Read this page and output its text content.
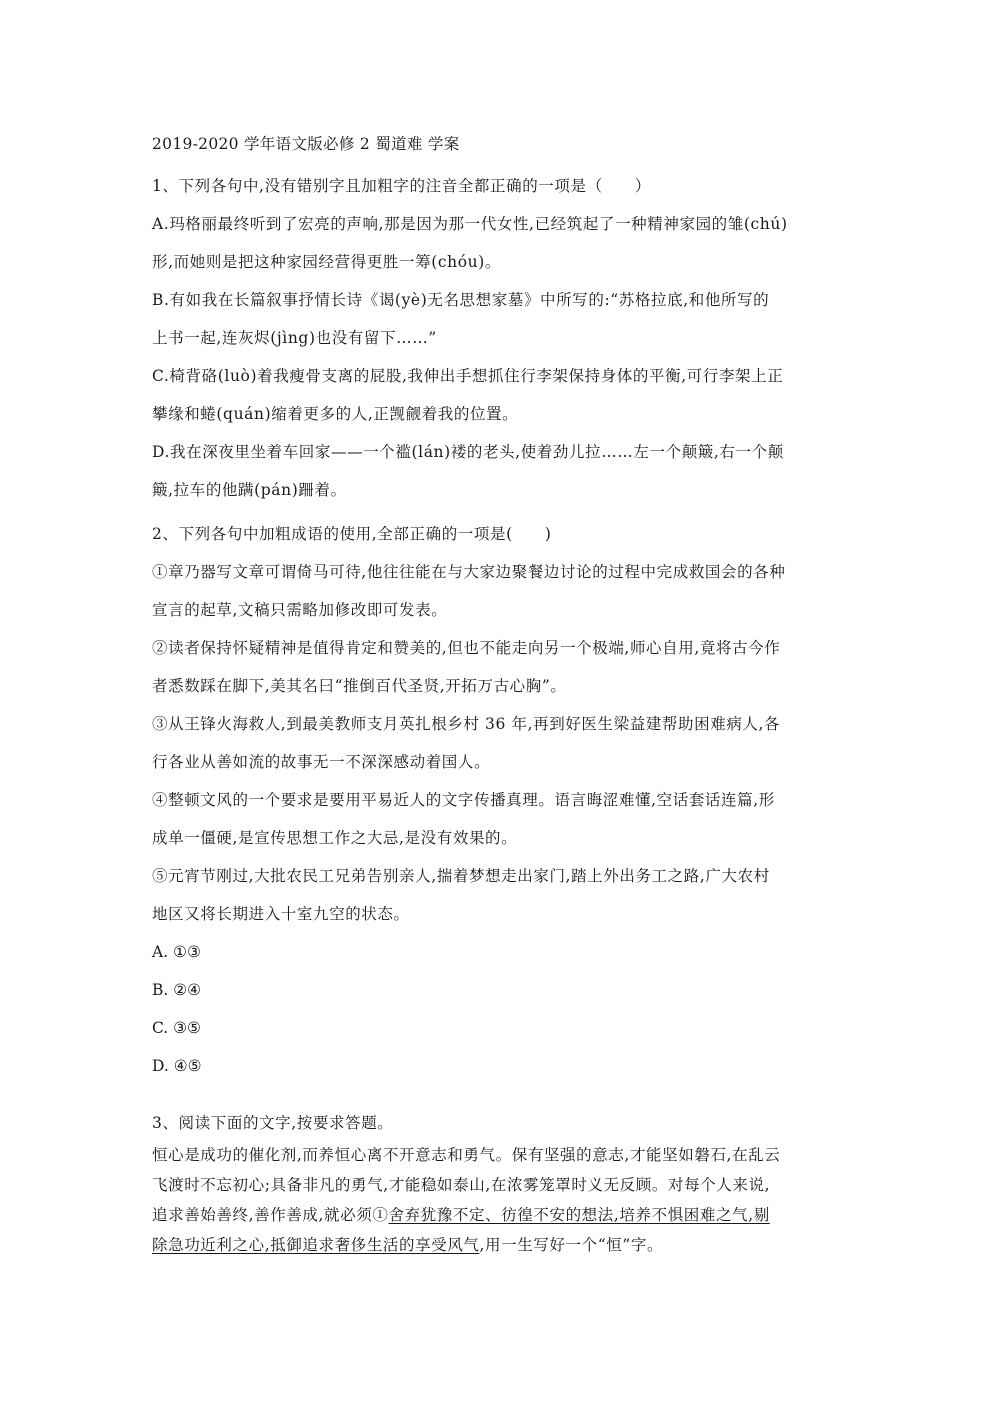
2019-2020 学年语文版必修 2 蜀道难 学案
1、下列各句中,没有错别字且加粗字的注音全都正确的一项是（　　）
A.玛格丽最终听到了宏亮的声响,那是因为那一代女性,已经筑起了一种精神家园的雏(chú)
形,而她则是把这种家园经营得更胜一筹(chóu)。
B.有如我在长篇叙事抒情长诗《谒(yè)无名思想家墓》中所写的:“苏格拉底,和他所写的
上书一起,连灰烬(jìng)也没有留下……”
C.椅背硌(luò)着我瘦骨支离的屁股,我伸出手想抓住行李架保持身体的平衡,可行李架上正
攀缘和蜷(quán)缩着更多的人,正觊觎着我的位置。
D.我在深夜里坐着车回家——一个褴(lán)褛的老头,使着劲儿拉……左一个颠簸,右一个颠
簸,拉车的他蹒(pán)跚着。
2、下列各句中加粗成语的使用,全部正确的一项是(　　)
①章乃器写文章可谓倚马可待,他往往能在与大家边聚餐边讨论的过程中完成救国会的各种
宣言的起草,文稿只需略加修改即可发表。
②读者保持怀疑精神是值得肯定和赞美的,但也不能走向另一个极端,师心自用,竟将古今作
者悉数踩在脚下,美其名曰“推倒百代圣贤,开拓万古心胸”。
③从王锋火海救人,到最美教师支月英扎根乡村 36 年,再到好医生梁益建帮助困难病人,各
行各业从善如流的故事无一不深深感动着国人。
④整顿文风的一个要求是要用平易近人的文字传播真理。语言晦涩难懂,空话套话连篇,形
成单一僵硬,是宣传思想工作之大忌,是没有效果的。
⑤元宵节刚过,大批农民工兄弟告别亲人,揣着梦想走出家门,踏上外出务工之路,广大农村
地区又将长期进入十室九空的状态。
A. ①③
B. ②④
C. ③⑤
D. ④⑤
3、阅读下面的文字,按要求答题。
恒心是成功的催化剂,而养恒心离不开意志和勇气。保有坚强的意志,才能坚如磐石,在乱云
飞渡时不忘初心;具备非凡的勇气,才能稳如泰山,在浓雾笼罩时义无反顾。对每个人来说,
追求善始善终,善作善成,就必须①舍弃犹豫不定、彷徨不安的想法,培养不惧困难之气,剔
除急功近利之心,抵御追求奢侈生活的享受风气,用一生写好一个“恒”字。
